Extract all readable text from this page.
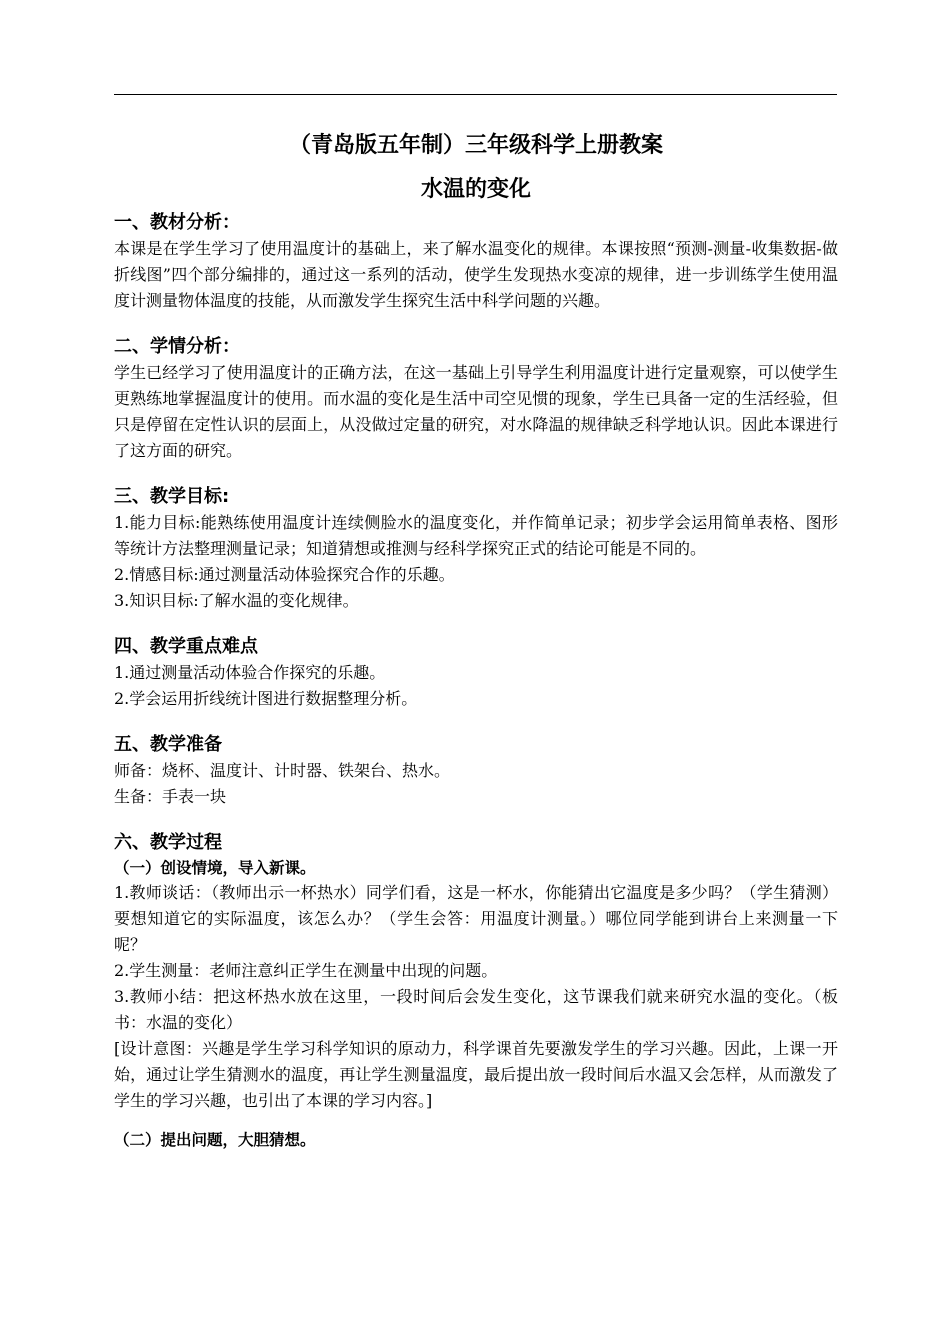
（青岛版五年制）三年级科学上册教案
水温的变化
一、教材分析：

本课是在学生学习了使用温度计的基础上，来了解水温变化的规律。本课按照“预测-测量-收集数据-做折线图”四个部分编排的，通过这一系列的活动，使学生发现热水变凉的规律，进一步训练学生使用温度计测量物体温度的技能，从而激发学生探究生活中科学问题的兴趣。

二、学情分析：

学生已经学习了使用温度计的正确方法，在这一基础上引导学生利用温度计进行定量观察，可以使学生更熟练地掌握温度计的使用。而水温的变化是生活中司空见惯的现象，学生已具备一定的生活经验，但只是停留在定性认识的层面上，从没做过定量的研究，对水降温的规律缺乏科学地认识。因此本课进行了这方面的研究。

三、教学目标:

1.能力目标:能熟练使用温度计连续侧脸水的温度变化，并作简单记录；初步学会运用简单表格、图形等统计方法整理测量记录；知道猜想或推测与经科学探究正式的结论可能是不同的。

2.情感目标:通过测量活动体验探究合作的乐趣。

3.知识目标:了解水温的变化规律。

四、教学重点难点

1.通过测量活动体验合作探究的乐趣。

2.学会运用折线统计图进行数据整理分析。

五、教学准备

师备：烧杯、温度计、计时器、铁架台、热水。

生备：手表一块

六、教学过程
（一）创设情境，导入新课。

1.教师谈话：（教师出示一杯热水）同学们看，这是一杯水，你能猜出它温度是多少吗？（学生猜测）要想知道它的实际温度，该怎么办？（学生会答：用温度计测量。）哪位同学能到讲台上来测量一下呢？

2.学生测量：老师注意纠正学生在测量中出现的问题。

3.教师小结：把这杯热水放在这里，一段时间后会发生变化，这节课我们就来研究水温的变化。（板书：水温的变化）

[设计意图：兴趣是学生学习科学知识的原动力，科学课首先要激发学生的学习兴趣。因此，上课一开始，通过让学生猜测水的温度，再让学生测量温度，最后提出放一段时间后水温又会怎样，从而激发了学生的学习兴趣，也引出了本课的学习内容。]

（二）提出问题，大胆猜想。
